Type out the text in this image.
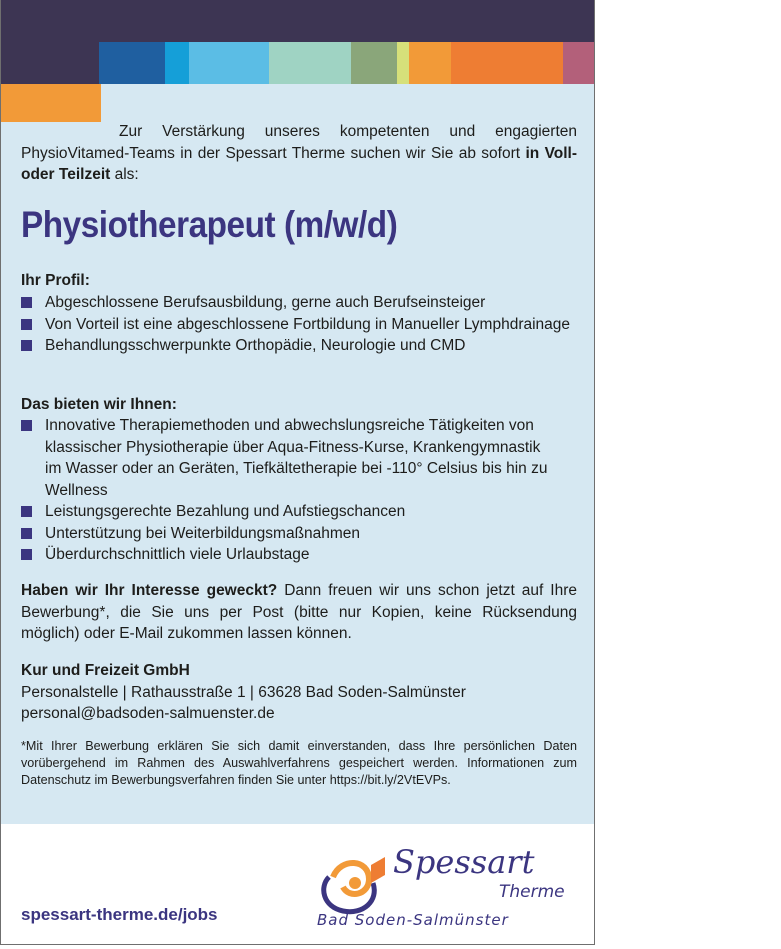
Zur Verstärkung unseres kompetenten und engagierten PhysioVitamed-Teams in der Spessart Therme suchen wir Sie ab sofort in Voll- oder Teilzeit als:

Physiotherapeut (m/w/d)
Ihr Profil:
Abgeschlossene Berufsausbildung, gerne auch Berufseinsteiger
Von Vorteil ist eine abgeschlossene Fortbildung in Manueller Lymphdrainage
Behandlungsschwerpunkte Orthopädie, Neurologie und CMD
Das bieten wir Ihnen:
Innovative Therapiemethoden und abwechslungsreiche Tätigkeiten von klassischer Physiotherapie über Aqua-Fitness-Kurse, Krankengymnastik im Wasser oder an Geräten, Tiefkältetherapie bei -110° Celsius bis hin zu Wellness
Leistungsgerechte Bezahlung und Aufstiegschancen
Unterstützung bei Weiterbildungsmaßnahmen
Überdurchschnittlich viele Urlaubstage

Haben wir Ihr Interesse geweckt? Dann freuen wir uns schon jetzt auf Ihre Bewerbung*, die Sie uns per Post (bitte nur Kopien, keine Rücksendung möglich) oder E-Mail zukommen lassen können.

Kur und Freizeit GmbH
Personalstelle | Rathausstraße 1 | 63628 Bad Soden-Salmünster
personal@badsoden-salmuenster.de

*Mit Ihrer Bewerbung erklären Sie sich damit einverstanden, dass Ihre persönlichen Daten vorübergehend im Rahmen des Auswahlverfahrens gespeichert werden. Informationen zum Datenschutz im Bewerbungsverfahren finden Sie unter https://bit.ly/2VtEVPs.

spessart-therme.de/jobs
Spessart
Therme
Bad Soden-Salmünster
